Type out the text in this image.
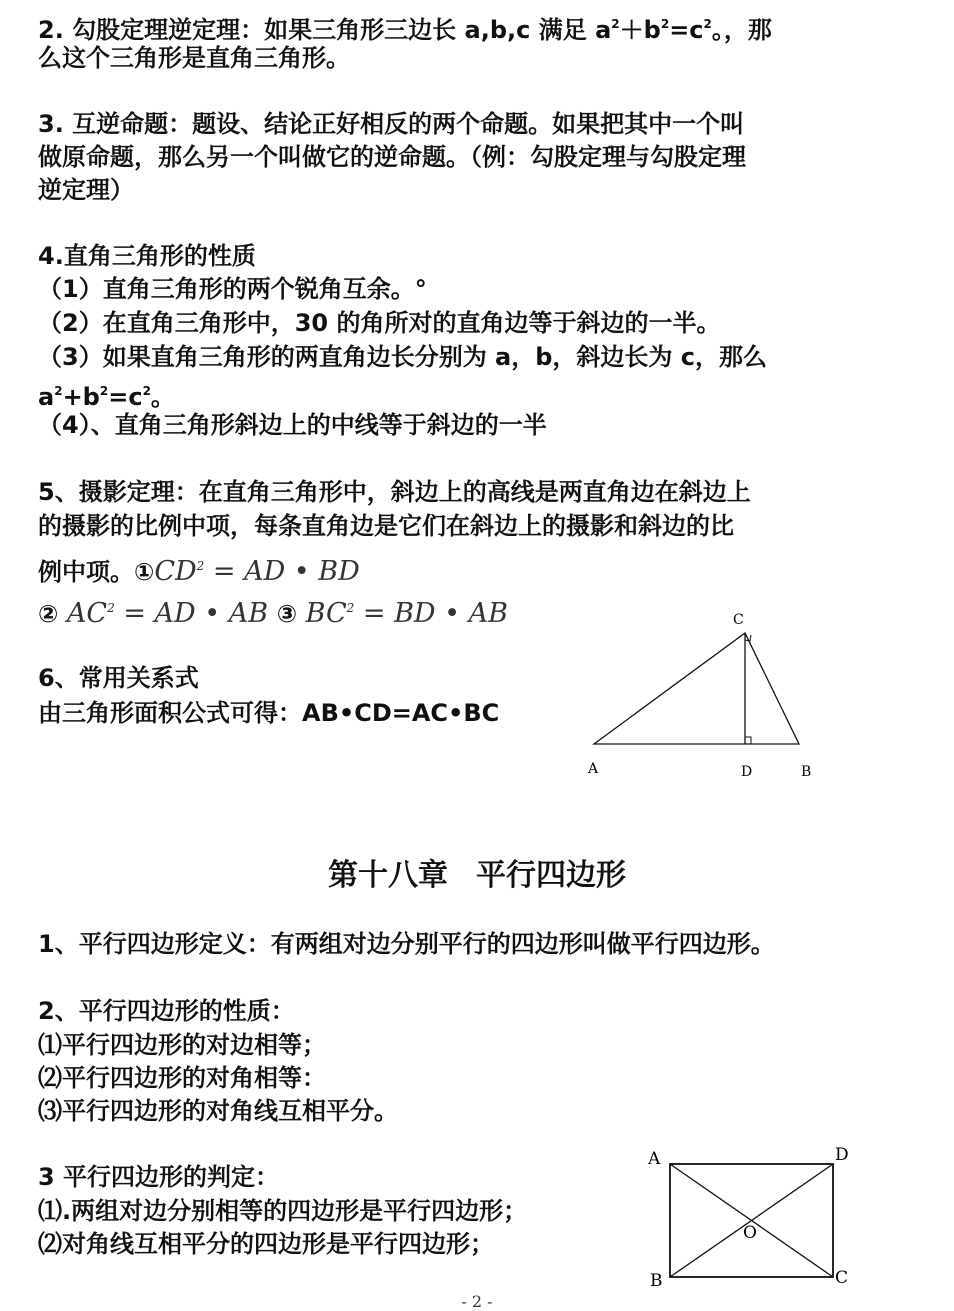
2. 勾股定理逆定理：如果三角形三边长 a,b,c 满足 $a^2+b^2=c^2$。，那
么这个三角形是直角三角形。
3. 互逆命题：题设、结论正好相反的两个命题。如果把其中一个叫
做原命题，那么另一个叫做它的逆命题。（例：勾股定理与勾股定理
逆定理）
4.直角三角形的性质
（1）直角三角形的两个锐角互余。°
（2）在直角三角形中，30 的角所对的直角边等于斜边的一半。
（3）如果直角三角形的两直角边长分别为 a，b，斜边长为 c，那么
$a^2+b^2=c^2$。
（4）、直角三角形斜边上的中线等于斜边的一半
5、摄影定理：在直角三角形中，斜边上的高线是两直角边在斜边上
的摄影的比例中项，每条直角边是它们在斜边上的摄影和斜边的比
例中项。$①CD^2$ = AD • BD
② $AC^2$ = AD • AB ③ $BC^2$ = BD • AB
6、常用关系式
由三角形面积公式可得：AB•CD=AC•BC
C
A	D	B
第十八章 平行四边形
1、平行四边形定义：有两组对边分别平行的四边形叫做平行四边形。
2、平行四边形的性质：
⑴平行四边形的对边相等；
⑵平行四边形的对角相等：
⑶平行四边形的对角线互相平分。
3 平行四边形的判定：
⑴.两组对边分别相等的四边形是平行四边形；
⑵对角线互相平分的四边形是平行四边形；
A	D
B	C
O
- 2 -
